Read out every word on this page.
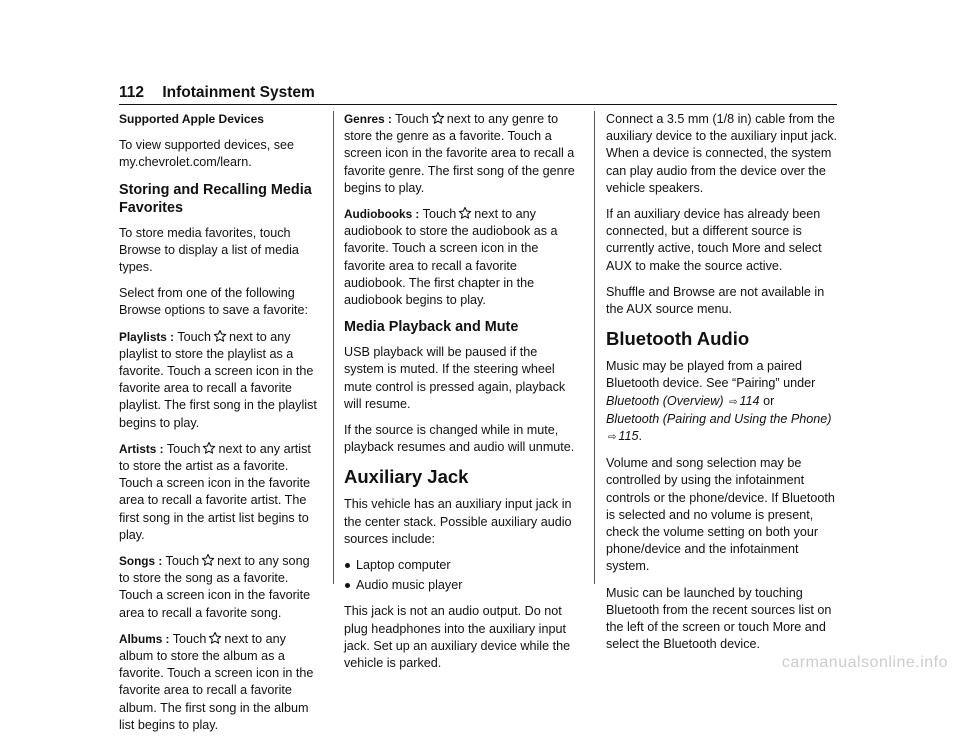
112 Infotainment System
Supported Apple Devices

To view supported devices, see my.chevrolet.com/learn.

Storing and Recalling Media Favorites

To store media favorites, touch Browse to display a list of media types.

Select from one of the following Browse options to save a favorite:

Playlists : Touch next to any playlist to store the playlist as a favorite. Touch a screen icon in the favorite area to recall a favorite playlist. The first song in the playlist begins to play.

Artists : Touch next to any artist to store the artist as a favorite. Touch a screen icon in the favorite area to recall a favorite artist. The first song in the artist list begins to play.

Songs : Touch next to any song to store the song as a favorite. Touch a screen icon in the favorite area to recall a favorite song.

Albums : Touch next to any album to store the album as a favorite. Touch a screen icon in the favorite area to recall a favorite album. The first song in the album list begins to play.

Genres : Touch next to any genre to store the genre as a favorite. Touch a screen icon in the favorite area to recall a favorite genre. The first song of the genre begins to play.

Audiobooks : Touch next to any audiobook to store the audiobook as a favorite. Touch a screen icon in the favorite area to recall a favorite audiobook. The first chapter in the audiobook begins to play.

Media Playback and Mute

USB playback will be paused if the system is muted. If the steering wheel mute control is pressed again, playback will resume.

If the source is changed while in mute, playback resumes and audio will unmute.

Auxiliary Jack

This vehicle has an auxiliary input jack in the center stack. Possible auxiliary audio sources include:

Laptop computer
Audio music player

This jack is not an audio output. Do not plug headphones into the auxiliary input jack. Set up an auxiliary device while the vehicle is parked.

Connect a 3.5 mm (1/8 in) cable from the auxiliary device to the auxiliary input jack. When a device is connected, the system can play audio from the device over the vehicle speakers.

If an auxiliary device has already been connected, but a different source is currently active, touch More and select AUX to make the source active.

Shuffle and Browse are not available in the AUX source menu.

Bluetooth Audio

Music may be played from a paired Bluetooth device. See “Pairing” under
Bluetooth (Overview) ⇨ 114 or
Bluetooth (Pairing and Using the Phone)
⇨ 115.

Volume and song selection may be controlled by using the infotainment controls or the phone/device. If Bluetooth is selected and no volume is present, check the volume setting on both your phone/device and the infotainment system.

Music can be launched by touching Bluetooth from the recent sources list on the left of the screen or touch More and select the Bluetooth device.

carmanualsonline.info
